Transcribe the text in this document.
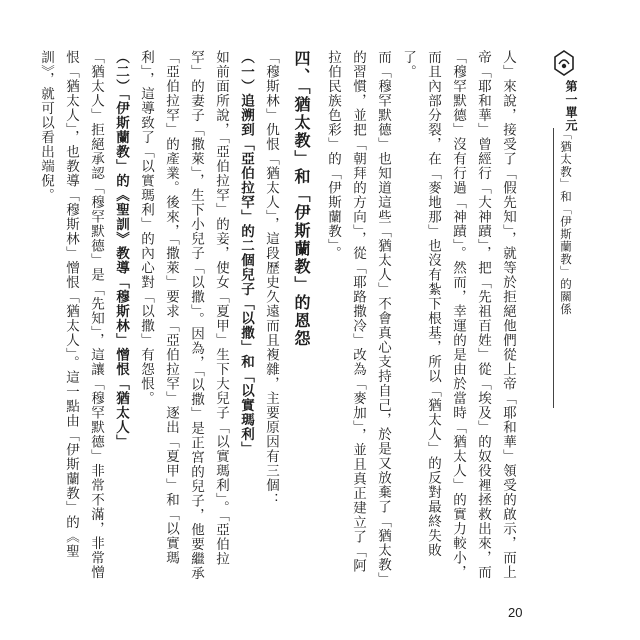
第一單元
「猶太教」和「伊斯蘭教」的關係

人」來說，接受了「假先知」，就等於拒絕他們從上帝「耶和華」領受的啟示，而上帝「耶和華」曾經行「大神蹟」，把「先祖百姓」從「埃及」的奴役裡拯救出來，而「穆罕默德」沒有行過「神蹟」。然而，幸運的是由於當時「猶太人」的實力較小，而且內部分裂，在「麥地那」也沒有紮下根基，所以「猶太人」的反對最終失敗了。

而「穆罕默德」也知道這些「猶太人」不會真心支持自己，於是又放棄了「猶太教」的習慣，並把「朝拜的方向」，從「耶路撒冷」改為「麥加」，並且真正建立了「阿拉伯民族色彩」的「伊斯蘭教」。

四、「猶太教」和「伊斯蘭教」的恩怨

「穆斯林」仇恨「猶太人」，這段歷史久遠而且複雜，主要原因有三個：

（一）追溯到「亞伯拉罕」的二個兒子「以撒」和「以實瑪利」

如前面所說，「亞伯拉罕」的妾，使女「夏甲」生下大兒子「以實瑪利」。「亞伯拉罕」的妻子「撒萊」，生下小兒子「以撒」。因為，「以撒」是正宮的兒子，他要繼承「亞伯拉罕」的產業。後來，「撒萊」要求「亞伯拉罕」逐出「夏甲」和「以實瑪利」，這導致了「以實瑪利」的內心對「以撒」有怨恨。

（二）「伊斯蘭教」的《聖訓》教導「穆斯林」憎恨「猶太人」

「猶太人」拒絕承認「穆罕默德」是「先知」，這讓「穆罕默德」非常不滿，非常憎恨「猶太人」，也教導「穆斯林」憎恨「猶太人」。這一點由「伊斯蘭教」的《聖訓》，就可以看出端倪。

20
